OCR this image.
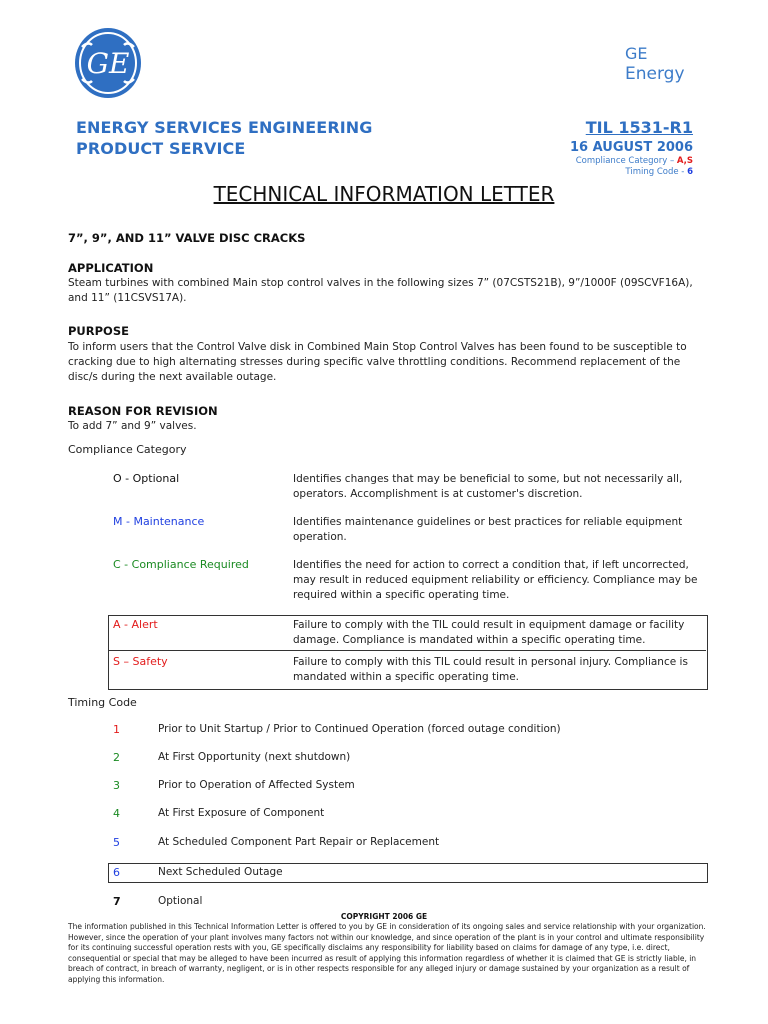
GE	GE
Energy
ENERGY SERVICES ENGINEERING
PRODUCT SERVICE
TIL 1531-R1
16 AUGUST 2006
Compliance Category – A,S
Timing Code - 6
TECHNICAL INFORMATION LETTER
7”, 9”, AND 11” VALVE DISC CRACKS
APPLICATION
Steam turbines with combined Main stop control valves in the following sizes 7” (07CSTS21B), 9”/1000F (09SCVF16A), and 11” (11CSVS17A).
PURPOSE
To inform users that the Control Valve disk in Combined Main Stop Control Valves has been found to be susceptible to cracking due to high alternating stresses during specific valve throttling conditions. Recommend replacement of the disc/s during the next available outage.
REASON FOR REVISION
To add 7” and 9” valves.
Compliance Category
O - Optional	Identifies changes that may be beneficial to some, but not necessarily all, operators. Accomplishment is at customer's discretion.
M - Maintenance	Identifies maintenance guidelines or best practices for reliable equipment operation.
C - Compliance Required	Identifies the need for action to correct a condition that, if left uncorrected, may result in reduced equipment reliability or efficiency. Compliance may be required within a specific operating time.
A - Alert	Failure to comply with the TIL could result in equipment damage or facility damage. Compliance is mandated within a specific operating time.
S – Safety	Failure to comply with this TIL could result in personal injury. Compliance is mandated within a specific operating time.
Timing Code
1	Prior to Unit Startup / Prior to Continued Operation (forced outage condition)
2	At First Opportunity (next shutdown)
3	Prior to Operation of Affected System
4	At First Exposure of Component
5	At Scheduled Component Part Repair or Replacement
6	Next Scheduled Outage
7	Optional
COPYRIGHT 2006 GE
The information published in this Technical Information Letter is offered to you by GE in consideration of its ongoing sales and service relationship with your organization. However, since the operation of your plant involves many factors not within our knowledge, and since operation of the plant is in your control and ultimate responsibility for its continuing successful operation rests with you, GE specifically disclaims any responsibility for liability based on claims for damage of any type, i.e. direct, consequential or special that may be alleged to have been incurred as result of applying this information regardless of whether it is claimed that GE is strictly liable, in breach of contract, in breach of warranty, negligent, or is in other respects responsible for any alleged injury or damage sustained by your organization as a result of applying this information.
